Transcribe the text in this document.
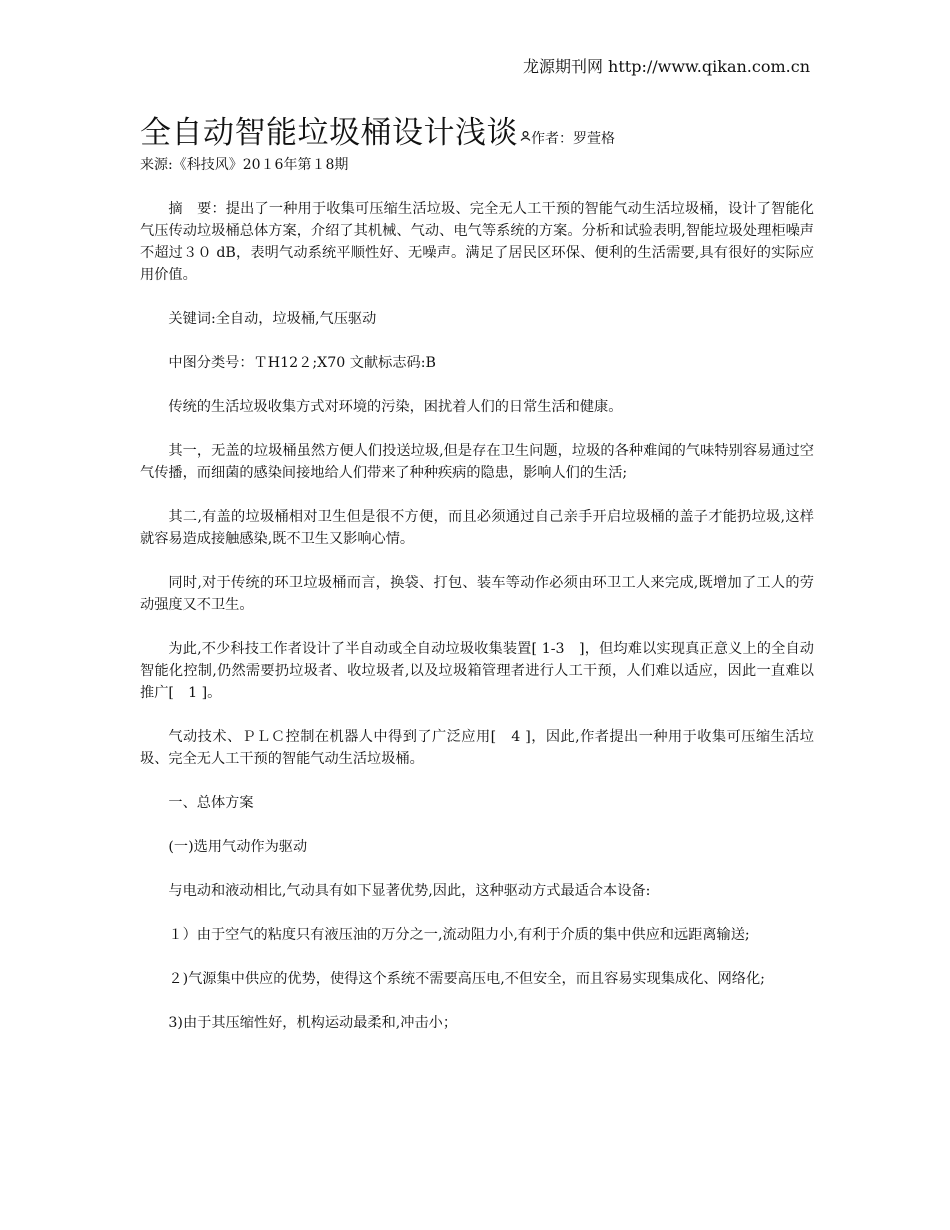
龙源期刊网 http://www.qikan.com.cn
全自动智能垃圾桶设计浅谈 作者：罗萱格
来源:《科技风》20１6年第１8期

摘　要：提出了一种用于收集可压缩生活垃圾、完全无人工干预的智能气动生活垃圾桶，设计了智能化气压传动垃圾桶总体方案，介绍了其机械、气动、电气等系统的方案。分析和试验表明,智能垃圾处理柜噪声不超过３０ dB，表明气动系统平顺性好、无噪声。满足了居民区环保、便利的生活需要,具有很好的实际应用价值。

关键词:全自动，垃圾桶,气压驱动

中图分类号：ＴH12２;X70 文献标志码:B

传统的生活垃圾收集方式对环境的污染，困扰着人们的日常生活和健康。

其一，无盖的垃圾桶虽然方便人们投送垃圾,但是存在卫生问题，垃圾的各种难闻的气味特别容易通过空气传播，而细菌的感染间接地给人们带来了种种疾病的隐患，影响人们的生活;

其二,有盖的垃圾桶相对卫生但是很不方便，而且必须通过自己亲手开启垃圾桶的盖子才能扔垃圾,这样就容易造成接触感染,既不卫生又影响心情。

同时,对于传统的环卫垃圾桶而言，换袋、打包、装车等动作必须由环卫工人来完成,既增加了工人的劳动强度又不卫生。

为此,不少科技工作者设计了半自动或全自动垃圾收集装置[ 1-3　]，但均难以实现真正意义上的全自动智能化控制,仍然需要扔垃圾者、收垃圾者,以及垃圾箱管理者进行人工干预，人们难以适应，因此一直难以推广[　1 ]。

气动技术、ＰＬＣ控制在机器人中得到了广泛应用[　4 ]，因此,作者提出一种用于收集可压缩生活垃圾、完全无人工干预的智能气动生活垃圾桶。

一、总体方案

(一)选用气动作为驱动

与电动和液动相比,气动具有如下显著优势,因此，这种驱动方式最适合本设备:

１）由于空气的粘度只有液压油的万分之一,流动阻力小,有利于介质的集中供应和远距离输送;

２)气源集中供应的优势，使得这个系统不需要高压电,不但安全，而且容易实现集成化、网络化;

3)由于其压缩性好，机构运动最柔和,冲击小；
